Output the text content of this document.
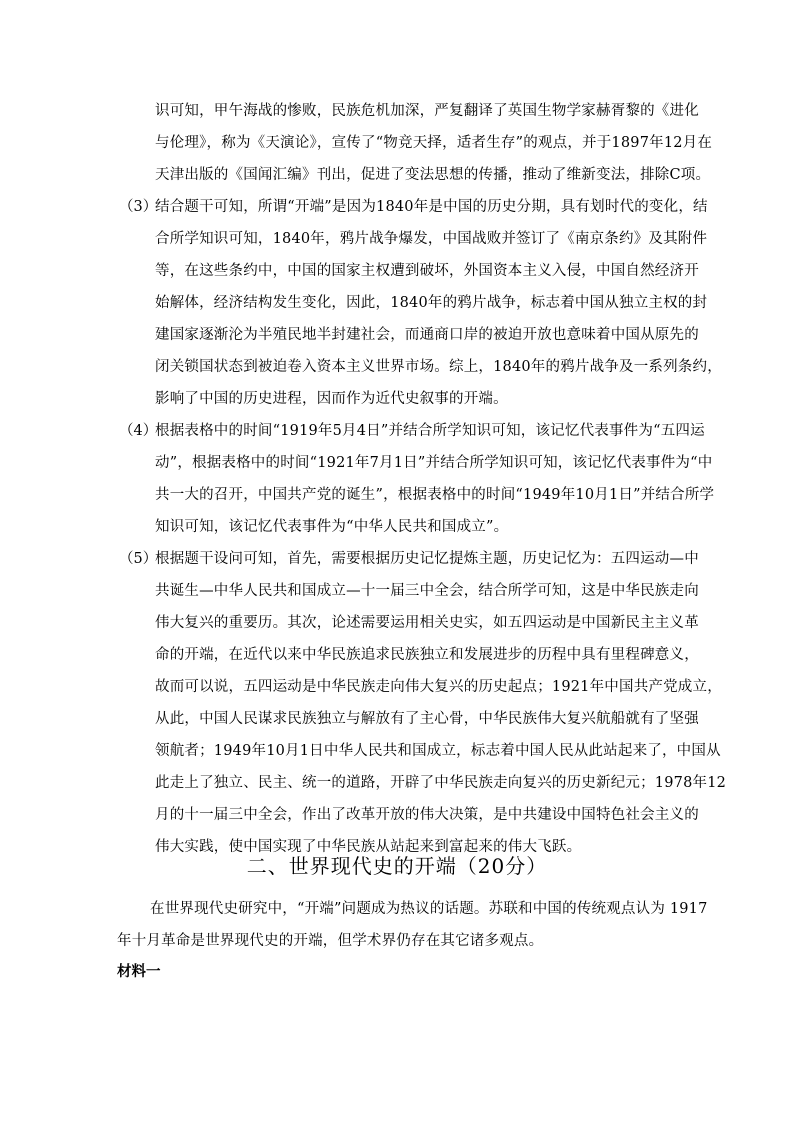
识可知，甲午海战的惨败，民族危机加深，严复翻译了英国生物学家赫胥黎的《进化
与伦理》，称为《天演论》，宣传了“物竞天择，适者生存”的观点，并于1897年12月在
天津出版的《国闻汇编》刊出，促进了变法思想的传播，推动了维新变法，排除C项。
（3）
结合题干可知，所谓“开端”是因为1840年是中国的历史分期，具有划时代的变化，结
合所学知识可知，1840年，鸦片战争爆发，中国战败并签订了《南京条约》及其附件
等，在这些条约中，中国的国家主权遭到破坏，外国资本主义入侵，中国自然经济开
始解体，经济结构发生变化，因此，1840年的鸦片战争，标志着中国从独立主权的封
建国家逐渐沦为半殖民地半封建社会，而通商口岸的被迫开放也意味着中国从原先的
闭关锁国状态到被迫卷入资本主义世界市场。综上，1840年的鸦片战争及一系列条约，
影响了中国的历史进程，因而作为近代史叙事的开端。
（4）
根据表格中的时间“1919年5月4日”并结合所学知识可知，该记忆代表事件为“五四运
动”，根据表格中的时间“1921年7月1日”并结合所学知识可知，该记忆代表事件为“中
共一大的召开，中国共产党的诞生”，根据表格中的时间“1949年10月1日”并结合所学
知识可知，该记忆代表事件为“中华人民共和国成立”。
（5）
根据题干设问可知，首先，需要根据历史记忆提炼主题，历史记忆为：五四运动—中
共诞生—中华人民共和国成立—十一届三中全会，结合所学可知，这是中华民族走向
伟大复兴的重要历。其次，论述需要运用相关史实，如五四运动是中国新民主主义革
命的开端，在近代以来中华民族追求民族独立和发展进步的历程中具有里程碑意义，
故而可以说，五四运动是中华民族走向伟大复兴的历史起点；1921年中国共产党成立，
从此，中国人民谋求民族独立与解放有了主心骨，中华民族伟大复兴航船就有了坚强
领航者；1949年10月1日中华人民共和国成立，标志着中国人民从此站起来了，中国从
此走上了独立、民主、统一的道路，开辟了中华民族走向复兴的历史新纪元；1978年12
月的十一届三中全会，作出了改革开放的伟大决策，是中共建设中国特色社会主义的
伟大实践，使中国实现了中华民族从站起来到富起来的伟大飞跃。
二、世界现代史的开端（20分）
在世界现代史研究中，“开端”问题成为热议的话题。苏联和中国的传统观点认为 1917
年十月革命是世界现代史的开端，但学术界仍存在其它诸多观点。
材料一
